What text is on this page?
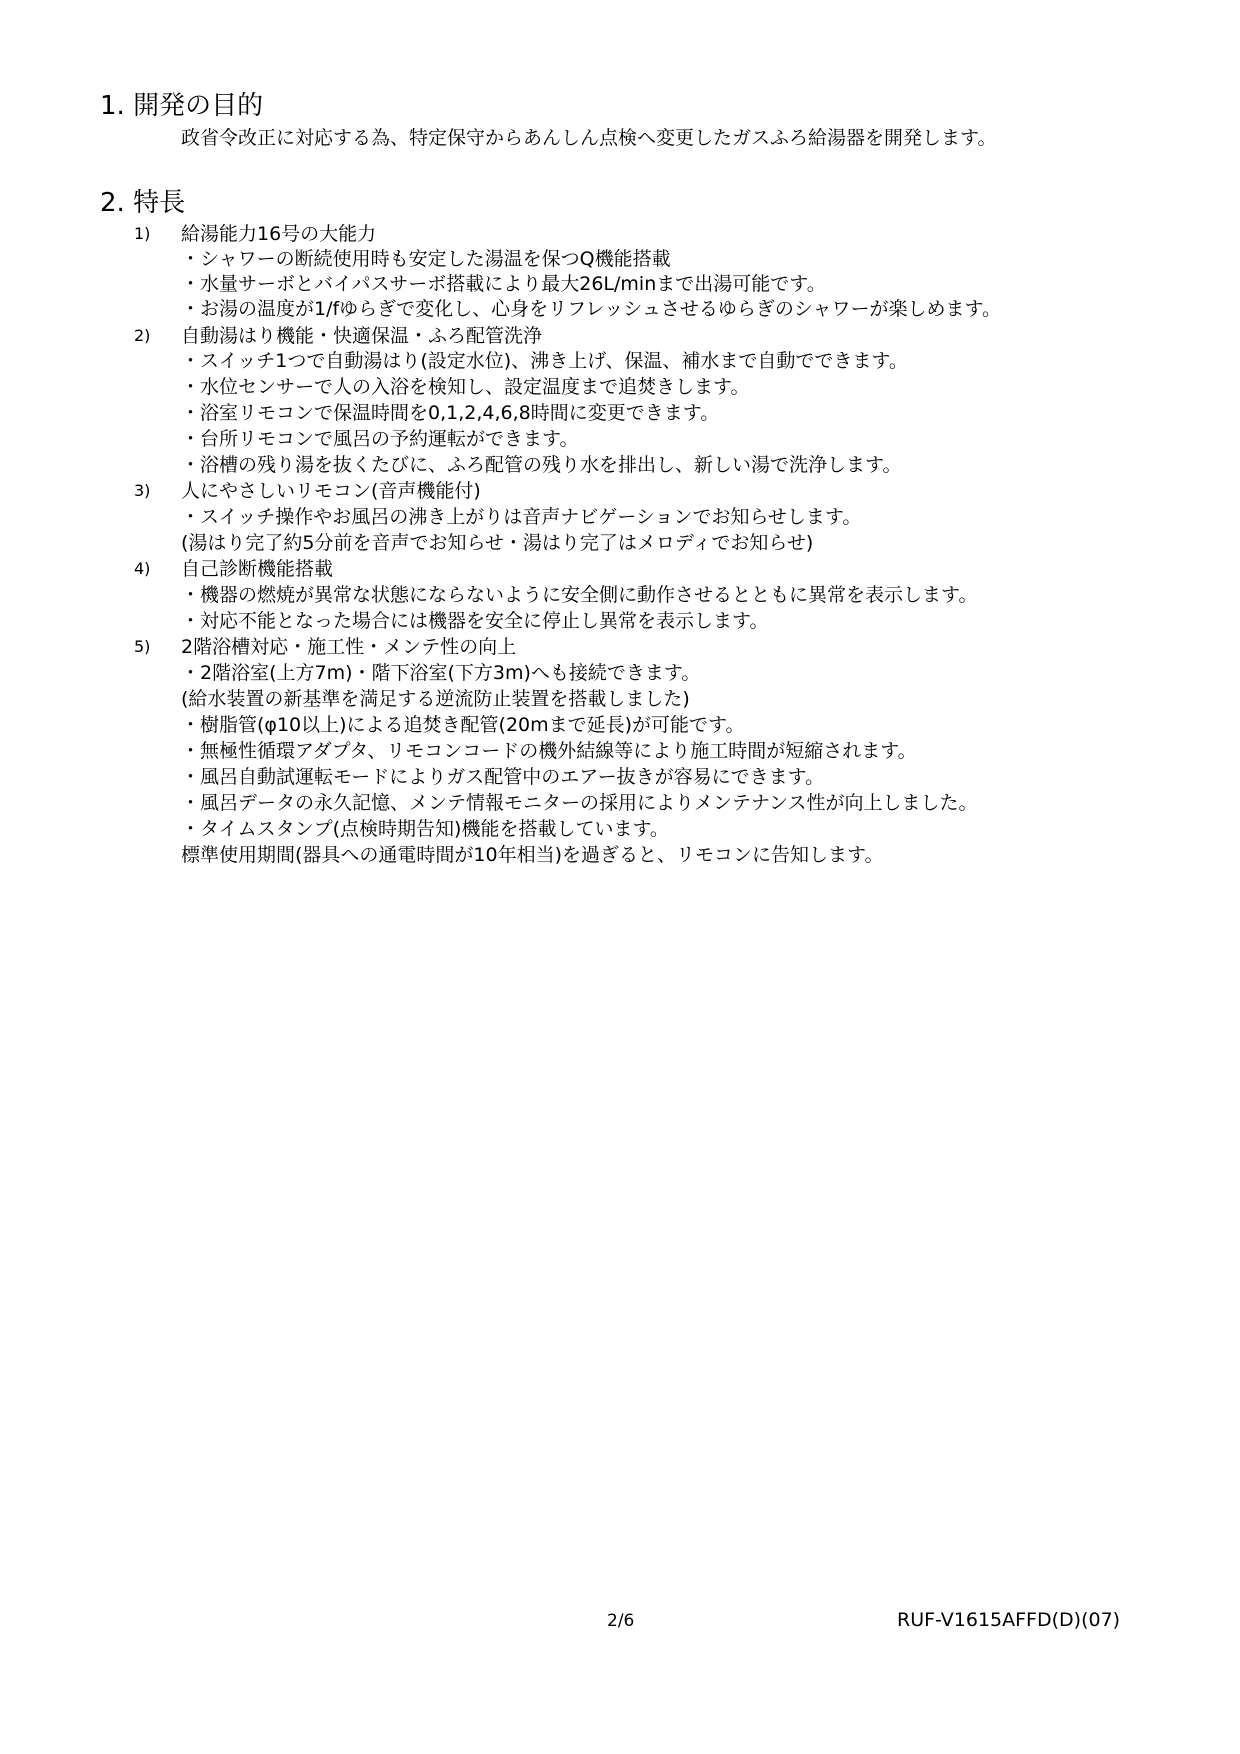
1. 開発の目的
政省令改正に対応する為、特定保守からあんしん点検へ変更したガスふろ給湯器を開発します。
2. 特長
1) 給湯能力16号の大能力
・シャワーの断続使用時も安定した湯温を保つQ機能搭載
・水量サーボとバイパスサーボ搭載により最大26L/minまで出湯可能です。
・お湯の温度が1/fゆらぎで変化し、心身をリフレッシュさせるゆらぎのシャワーが楽しめます。
2) 自動湯はり機能・快適保温・ふろ配管洗浄
・スイッチ1つで自動湯はり(設定水位)、沸き上げ、保温、補水まで自動でできます。
・水位センサーで人の入浴を検知し、設定温度まで追焚きします。
・浴室リモコンで保温時間を0,1,2,4,6,8時間に変更できます。
・台所リモコンで風呂の予約運転ができます。
・浴槽の残り湯を抜くたびに、ふろ配管の残り水を排出し、新しい湯で洗浄します。
3) 人にやさしいリモコン(音声機能付)
・スイッチ操作やお風呂の沸き上がりは音声ナビゲーションでお知らせします。
(湯はり完了約5分前を音声でお知らせ・湯はり完了はメロディでお知らせ)
4) 自己診断機能搭載
・機器の燃焼が異常な状態にならないように安全側に動作させるとともに異常を表示します。
・対応不能となった場合には機器を安全に停止し異常を表示します。
5) 2階浴槽対応・施工性・メンテ性の向上
・2階浴室(上方7m)・階下浴室(下方3m)へも接続できます。
(給水装置の新基準を満足する逆流防止装置を搭載しました)
・樹脂管(φ10以上)による追焚き配管(20mまで延長)が可能です。
・無極性循環アダプタ、リモコンコードの機外結線等により施工時間が短縮されます。
・風呂自動試運転モードによりガス配管中のエアー抜きが容易にできます。
・風呂データの永久記憶、メンテ情報モニターの採用によりメンテナンス性が向上しました。
・タイムスタンプ(点検時期告知)機能を搭載しています。
標準使用期間(器具への通電時間が10年相当)を過ぎると、リモコンに告知します。
2/6	RUF-V1615AFFD(D)(07)
